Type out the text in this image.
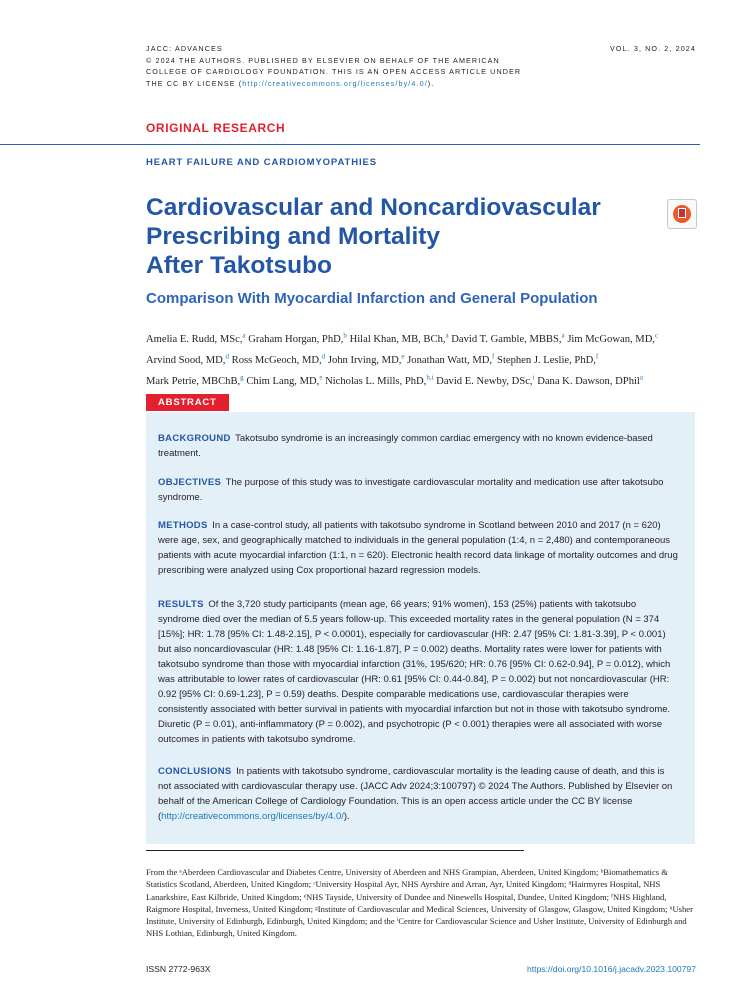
JACC: ADVANCES
© 2024 THE AUTHORS. PUBLISHED BY ELSEVIER ON BEHALF OF THE AMERICAN
COLLEGE OF CARDIOLOGY FOUNDATION. THIS IS AN OPEN ACCESS ARTICLE UNDER
THE CC BY LICENSE (http://creativecommons.org/licenses/by/4.0/).
VOL. 3, NO. 2, 2024
ORIGINAL RESEARCH
HEART FAILURE AND CARDIOMYOPATHIES
Cardiovascular and Noncardiovascular
Prescribing and Mortality
After Takotsubo
Comparison With Myocardial Infarction and General Population
Amelia E. Rudd, MSc,$^a$ Graham Horgan, PhD,$^b$ Hilal Khan, MB, BCh,$^a$ David T. Gamble, MBBS,$^a$ Jim McGowan, MD,$^c$ Arvind Sood, MD,$^d$ Ross McGeoch, MD,$^d$ John Irving, MD,$^e$ Jonathan Watt, MD,$^f$ Stephen J. Leslie, PhD,$^f$ Mark Petrie, MBChB,$^g$ Chim Lang, MD,$^e$ Nicholas L. Mills, PhD,$^{h,i}$ David E. Newby, DSc,$^i$ Dana K. Dawson, DPhil$^a$
ABSTRACT
BACKGROUND Takotsubo syndrome is an increasingly common cardiac emergency with no known evidence-based treatment.
OBJECTIVES The purpose of this study was to investigate cardiovascular mortality and medication use after takotsubo syndrome.
METHODS In a case-control study, all patients with takotsubo syndrome in Scotland between 2010 and 2017 (n = 620) were age, sex, and geographically matched to individuals in the general population (1:4, n = 2,480) and contemporaneous patients with acute myocardial infarction (1:1, n = 620). Electronic health record data linkage of mortality outcomes and drug prescribing were analyzed using Cox proportional hazard regression models.
RESULTS Of the 3,720 study participants (mean age, 66 years; 91% women), 153 (25%) patients with takotsubo syndrome died over the median of 5.5 years follow-up. This exceeded mortality rates in the general population (N = 374 [15%]; HR: 1.78 [95% CI: 1.48-2.15], P < 0.0001), especially for cardiovascular (HR: 2.47 [95% CI: 1.81-3.39], P < 0.001) but also noncardiovascular (HR: 1.48 [95% CI: 1.16-1.87], P = 0.002) deaths. Mortality rates were lower for patients with takotsubo syndrome than those with myocardial infarction (31%, 195/620; HR: 0.76 [95% CI: 0.62-0.94], P = 0.012), which was attributable to lower rates of cardiovascular (HR: 0.61 [95% CI: 0.44-0.84], P = 0.002) but not noncardiovascular (HR: 0.92 [95% CI: 0.69-1.23], P = 0.59) deaths. Despite comparable medications use, cardiovascular therapies were consistently associated with better survival in patients with myocardial infarction but not in those with takotsubo syndrome. Diuretic (P = 0.01), anti-inflammatory (P = 0.002), and psychotropic (P < 0.001) therapies were all associated with worse outcomes in patients with takotsubo syndrome.
CONCLUSIONS In patients with takotsubo syndrome, cardiovascular mortality is the leading cause of death, and this is not associated with cardiovascular therapy use. (JACC Adv 2024;3:100797) © 2024 The Authors. Published by Elsevier on behalf of the American College of Cardiology Foundation. This is an open access article under the CC BY license (http://creativecommons.org/licenses/by/4.0/).
From the ᵃAberdeen Cardiovascular and Diabetes Centre, University of Aberdeen and NHS Grampian, Aberdeen, United Kingdom; ᵇBiomathematics & Statistics Scotland, Aberdeen, United Kingdom; ᶜUniversity Hospital Ayr, NHS Ayrshire and Arran, Ayr, United Kingdom; ᵈHairmyres Hospital, NHS Lanarkshire, East Kilbride, United Kingdom; ᵉNHS Tayside, University of Dundee and Ninewells Hospital, Dundee, United Kingdom; ᶠNHS Highland, Raigmore Hospital, Inverness, United Kingdom; ᵍInstitute of Cardiovascular and Medical Sciences, University of Glasgow, Glasgow, United Kingdom; ʰUsher Institute, University of Edinburgh, Edinburgh, United Kingdom; and the ⁱCentre for Cardiovascular Science and Usher Institute, University of Edinburgh and NHS Lothian, Edinburgh, United Kingdom.
ISSN 2772-963X	https://doi.org/10.1016/j.jacadv.2023.100797
